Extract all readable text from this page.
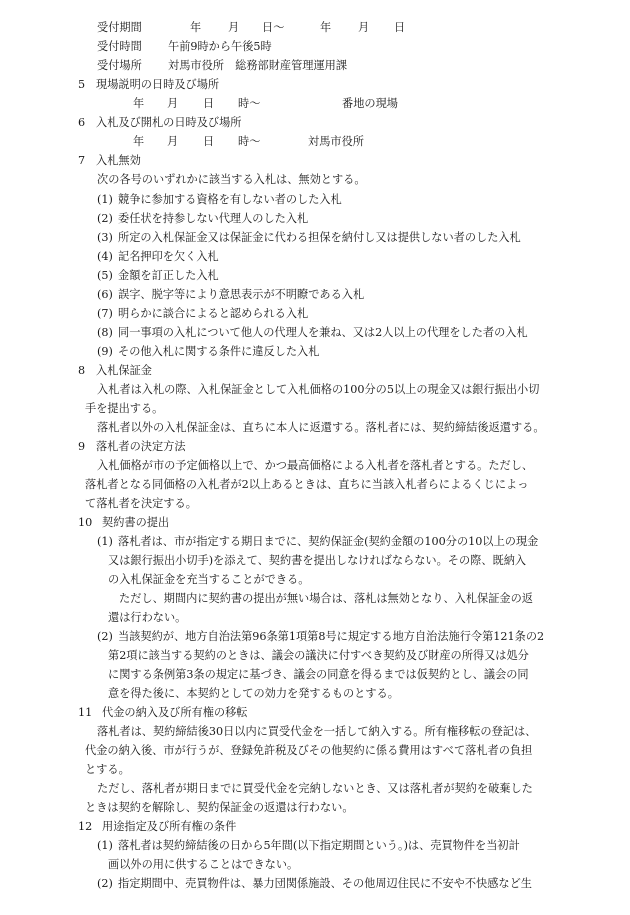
受付期間	年 月 日〜	年 月 日
受付時間 午前9時から午後5時
受付場所 対馬市役所　総務部財産管理運用課
5 現場説明の日時及び場所
年 月 日 時〜	番地の現場
6 入札及び開札の日時及び場所
年 月 日 時〜	対馬市役所
7 入札無効
次の各号のいずれかに該当する入札は、無効とする。
(1) 競争に参加する資格を有しない者のした入札
(2) 委任状を持参しない代理人のした入札
(3) 所定の入札保証金又は保証金に代わる担保を納付し又は提供しない者のした入札
(4) 記名押印を欠く入札
(5) 金額を訂正した入札
(6) 誤字、脱字等により意思表示が不明瞭である入札
(7) 明らかに談合によると認められる入札
(8) 同一事項の入札について他人の代理人を兼ね、又は2人以上の代理をした者の入札
(9) その他入札に関する条件に違反した入札
8 入札保証金
入札者は入札の際、入札保証金として入札価格の100分の5以上の現金又は銀行振出小切
手を提出する。
落札者以外の入札保証金は、直ちに本人に返還する。落札者には、契約締結後返還する。
9 落札者の決定方法
入札価格が市の予定価格以上で、かつ最高価格による入札者を落札者とする。ただし、
落札者となる同価格の入札者が2以上あるときは、直ちに当該入札者らによるくじによっ
て落札者を決定する。
10 契約書の提出
(1) 落札者は、市が指定する期日までに、契約保証金(契約金額の100分の10以上の現金
又は銀行振出小切手)を添えて、契約書を提出しなければならない。その際、既納入
の入札保証金を充当することができる。
ただし、期間内に契約書の提出が無い場合は、落札は無効となり、入札保証金の返
還は行わない。
(2) 当該契約が、地方自治法第96条第1項第8号に規定する地方自治法施行令第121条の2
第2項に該当する契約のときは、議会の議決に付すべき契約及び財産の所得又は処分
に関する条例第3条の規定に基づき、議会の同意を得るまでは仮契約とし、議会の同
意を得た後に、本契約としての効力を発するものとする。
11 代金の納入及び所有権の移転
落札者は、契約締結後30日以内に買受代金を一括して納入する。所有権移転の登記は、
代金の納入後、市が行うが、登録免許税及びその他契約に係る費用はすべて落札者の負担
とする。
ただし、落札者が期日までに買受代金を完納しないとき、又は落札者が契約を破棄した
ときは契約を解除し、契約保証金の返還は行わない。
12 用途指定及び所有権の条件
(1) 落札者は契約締結後の日から5年間(以下指定期間という。)は、売買物件を当初計
画以外の用に供することはできない。
(2) 指定期間中、売買物件は、暴力団関係施設、その他周辺住民に不安や不快感など生
